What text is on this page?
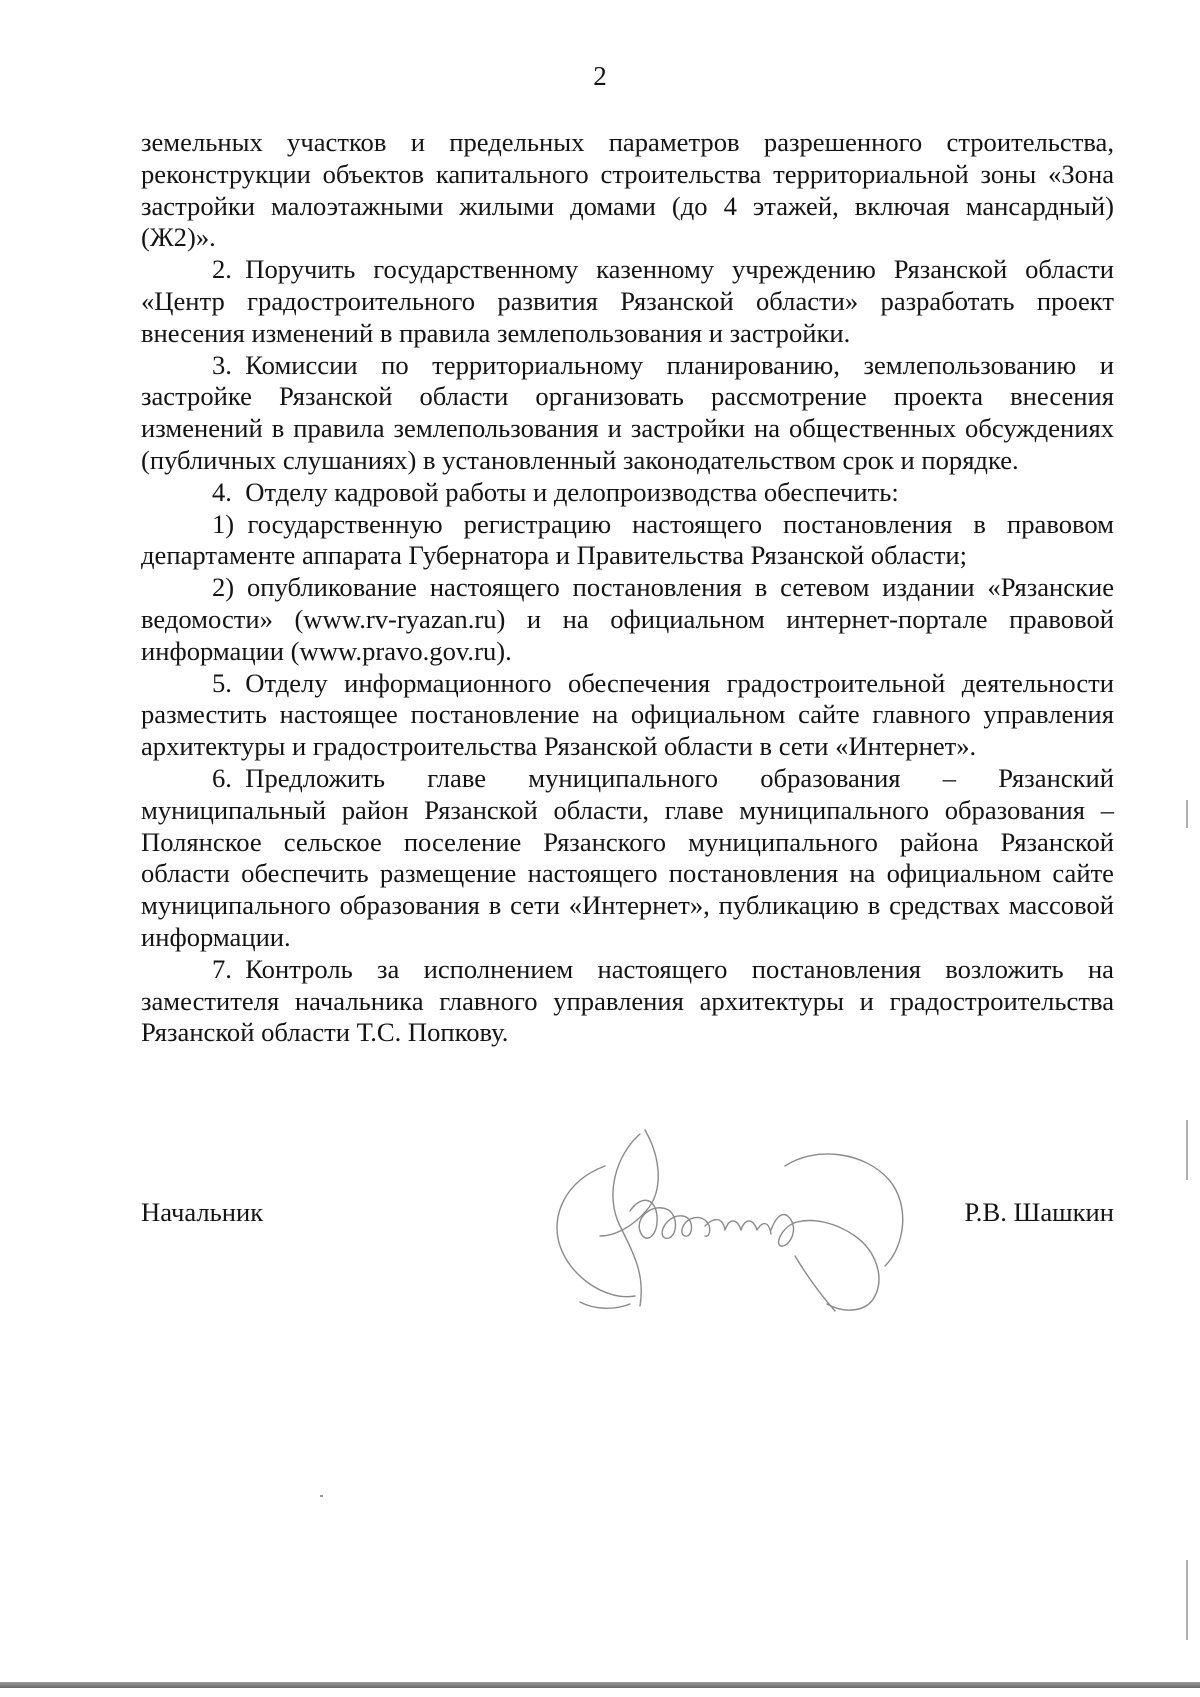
2

земельных участков и предельных параметров разрешенного строительства, реконструкции объектов капитального строительства территориальной зоны «Зона застройки малоэтажными жилыми домами (до 4 этажей, включая мансардный) (Ж2)».

2. Поручить государственному казенному учреждению Рязанской области «Центр градостроительного развития Рязанской области» разработать проект внесения изменений в правила землепользования и застройки.

3. Комиссии по территориальному планированию, землепользованию и застройке Рязанской области организовать рассмотрение проекта внесения изменений в правила землепользования и застройки на общественных обсуждениях (публичных слушаниях) в установленный законодательством срок и порядке.

4. Отделу кадровой работы и делопроизводства обеспечить:

1) государственную регистрацию настоящего постановления в правовом департаменте аппарата Губернатора и Правительства Рязанской области;

2) опубликование настоящего постановления в сетевом издании «Рязанские ведомости» (www.rv-ryazan.ru) и на официальном интернет-портале правовой информации (www.pravo.gov.ru).

5. Отделу информационного обеспечения градостроительной деятельности разместить настоящее постановление на официальном сайте главного управления архитектуры и градостроительства Рязанской области в сети «Интернет».

6. Предложить главе муниципального образования – Рязанский муниципальный район Рязанской области, главе муниципального образования – Полянское сельское поселение Рязанского муниципального района Рязанской области обеспечить размещение настоящего постановления на официальном сайте муниципального образования в сети «Интернет», публикацию в средствах массовой информации.

7. Контроль за исполнением настоящего постановления возложить на заместителя начальника главного управления архитектуры и градостроительства Рязанской области Т.С. Попкову.

Начальник	Р.В. Шашкин
